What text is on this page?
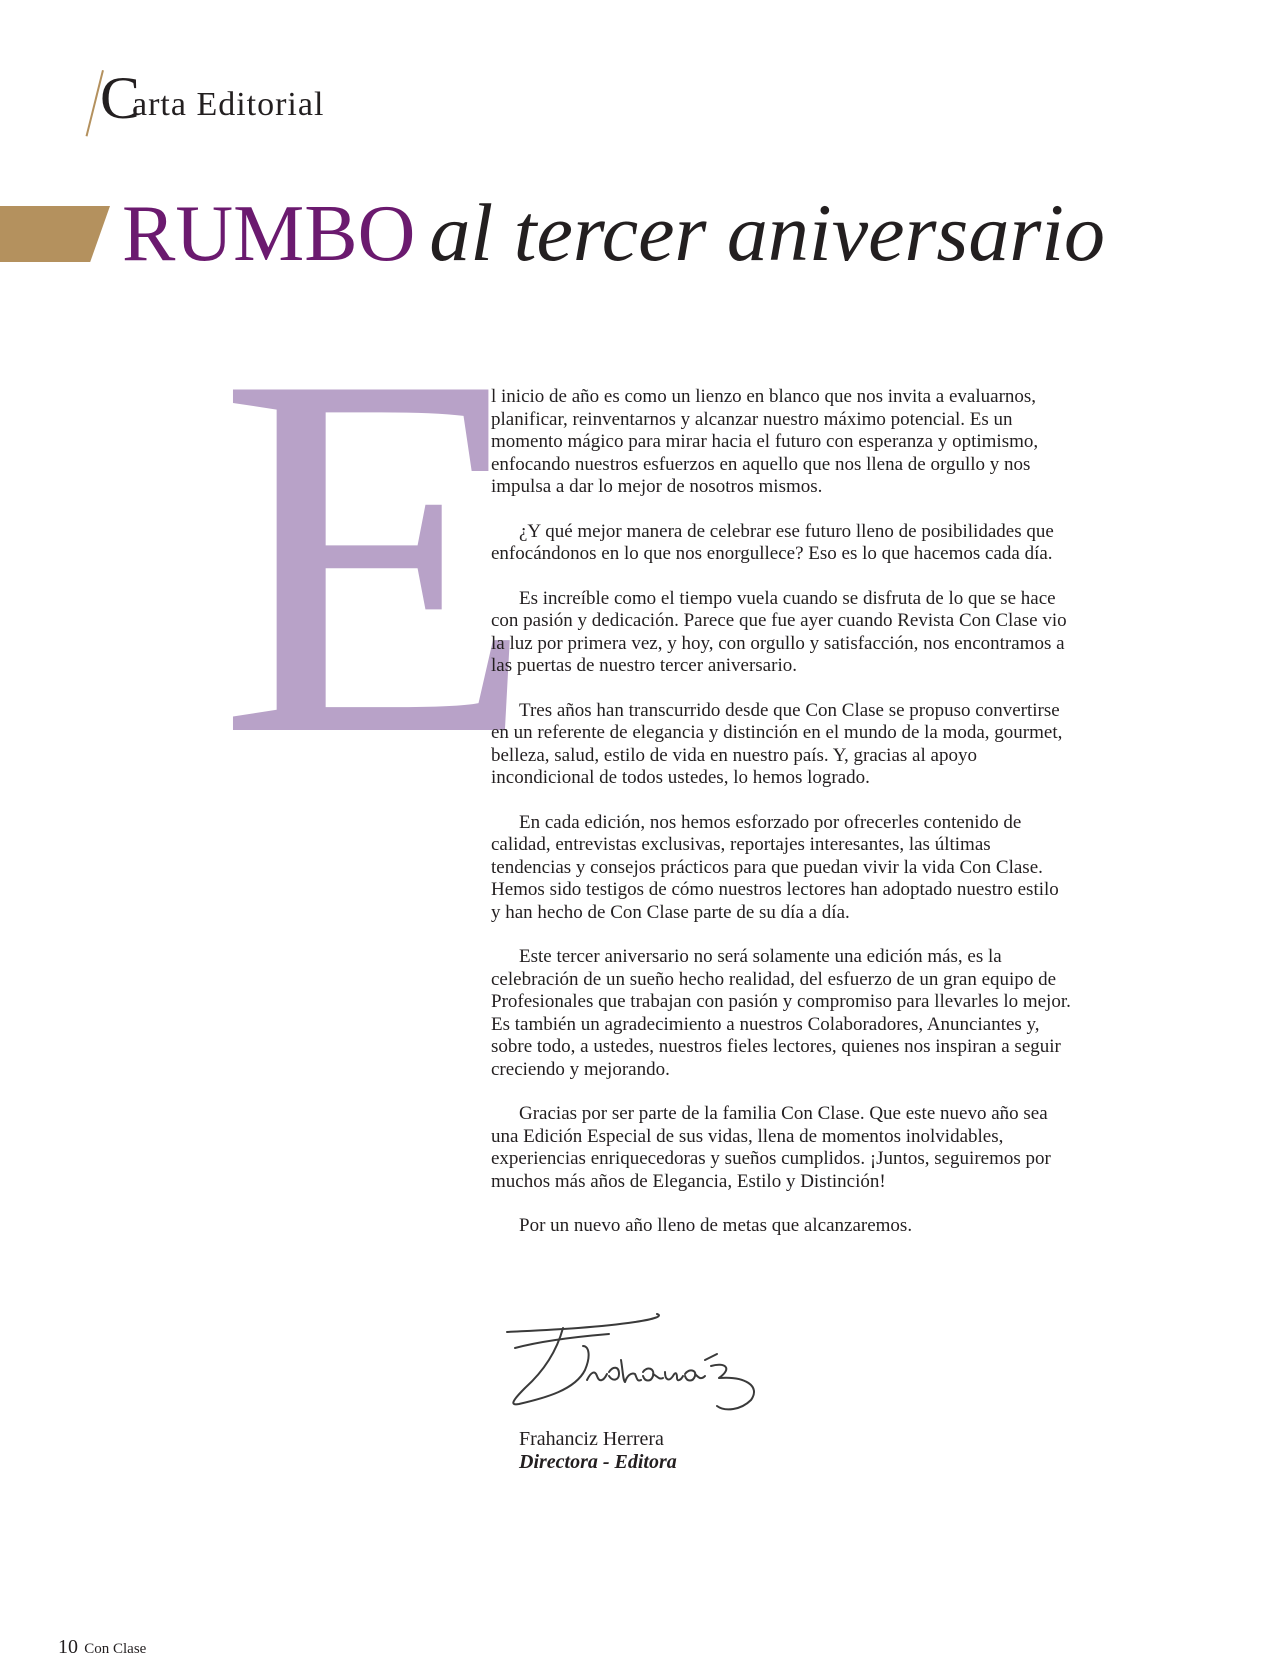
C
arta Editorial
RUMBO al tercer aniversario
E

l inicio de año es como un lienzo en blanco que nos invita a evaluarnos, planificar, reinventarnos y alcanzar nuestro máximo potencial. Es un momento mágico para mirar hacia el futuro con esperanza y optimismo, enfocando nuestros esfuerzos en aquello que nos llena de orgullo y nos impulsa a dar lo mejor de nosotros mismos.

¿Y qué mejor manera de celebrar ese futuro lleno de posibilidades que enfocándonos en lo que nos enorgullece? Eso es lo que hacemos cada día.

Es increíble como el tiempo vuela cuando se disfruta de lo que se hace con pasión y dedicación. Parece que fue ayer cuando Revista Con Clase vio la luz por primera vez, y hoy, con orgullo y satisfacción, nos encontramos a las puertas de nuestro tercer aniversario.

Tres años han transcurrido desde que Con Clase se propuso convertirse en un referente de elegancia y distinción en el mundo de la moda, gourmet, belleza, salud, estilo de vida en nuestro país. Y, gracias al apoyo incondicional de todos ustedes, lo hemos logrado.

En cada edición, nos hemos esforzado por ofrecerles contenido de calidad, entrevistas exclusivas, reportajes interesantes, las últimas tendencias y consejos prácticos para que puedan vivir la vida Con Clase. Hemos sido testigos de cómo nuestros lectores han adoptado nuestro estilo y han hecho de Con Clase parte de su día a día.

Este tercer aniversario no será solamente una edición más, es la celebración de un sueño hecho realidad, del esfuerzo de un gran equipo de Profesionales que trabajan con pasión y compromiso para llevarles lo mejor. Es también un agradecimiento a nuestros Colaboradores, Anunciantes y, sobre todo, a ustedes, nuestros fieles lectores, quienes nos inspiran a seguir creciendo y mejorando.

Gracias por ser parte de la familia Con Clase. Que este nuevo año sea una Edición Especial de sus vidas, llena de momentos inolvidables, experiencias enriquecedoras y sueños cumplidos. ¡Juntos, seguiremos por muchos más años de Elegancia, Estilo y Distinción!

Por un nuevo año lleno de metas que alcanzaremos.

Frahanciz Herrera
Directora - Editora
10 Con Clase
